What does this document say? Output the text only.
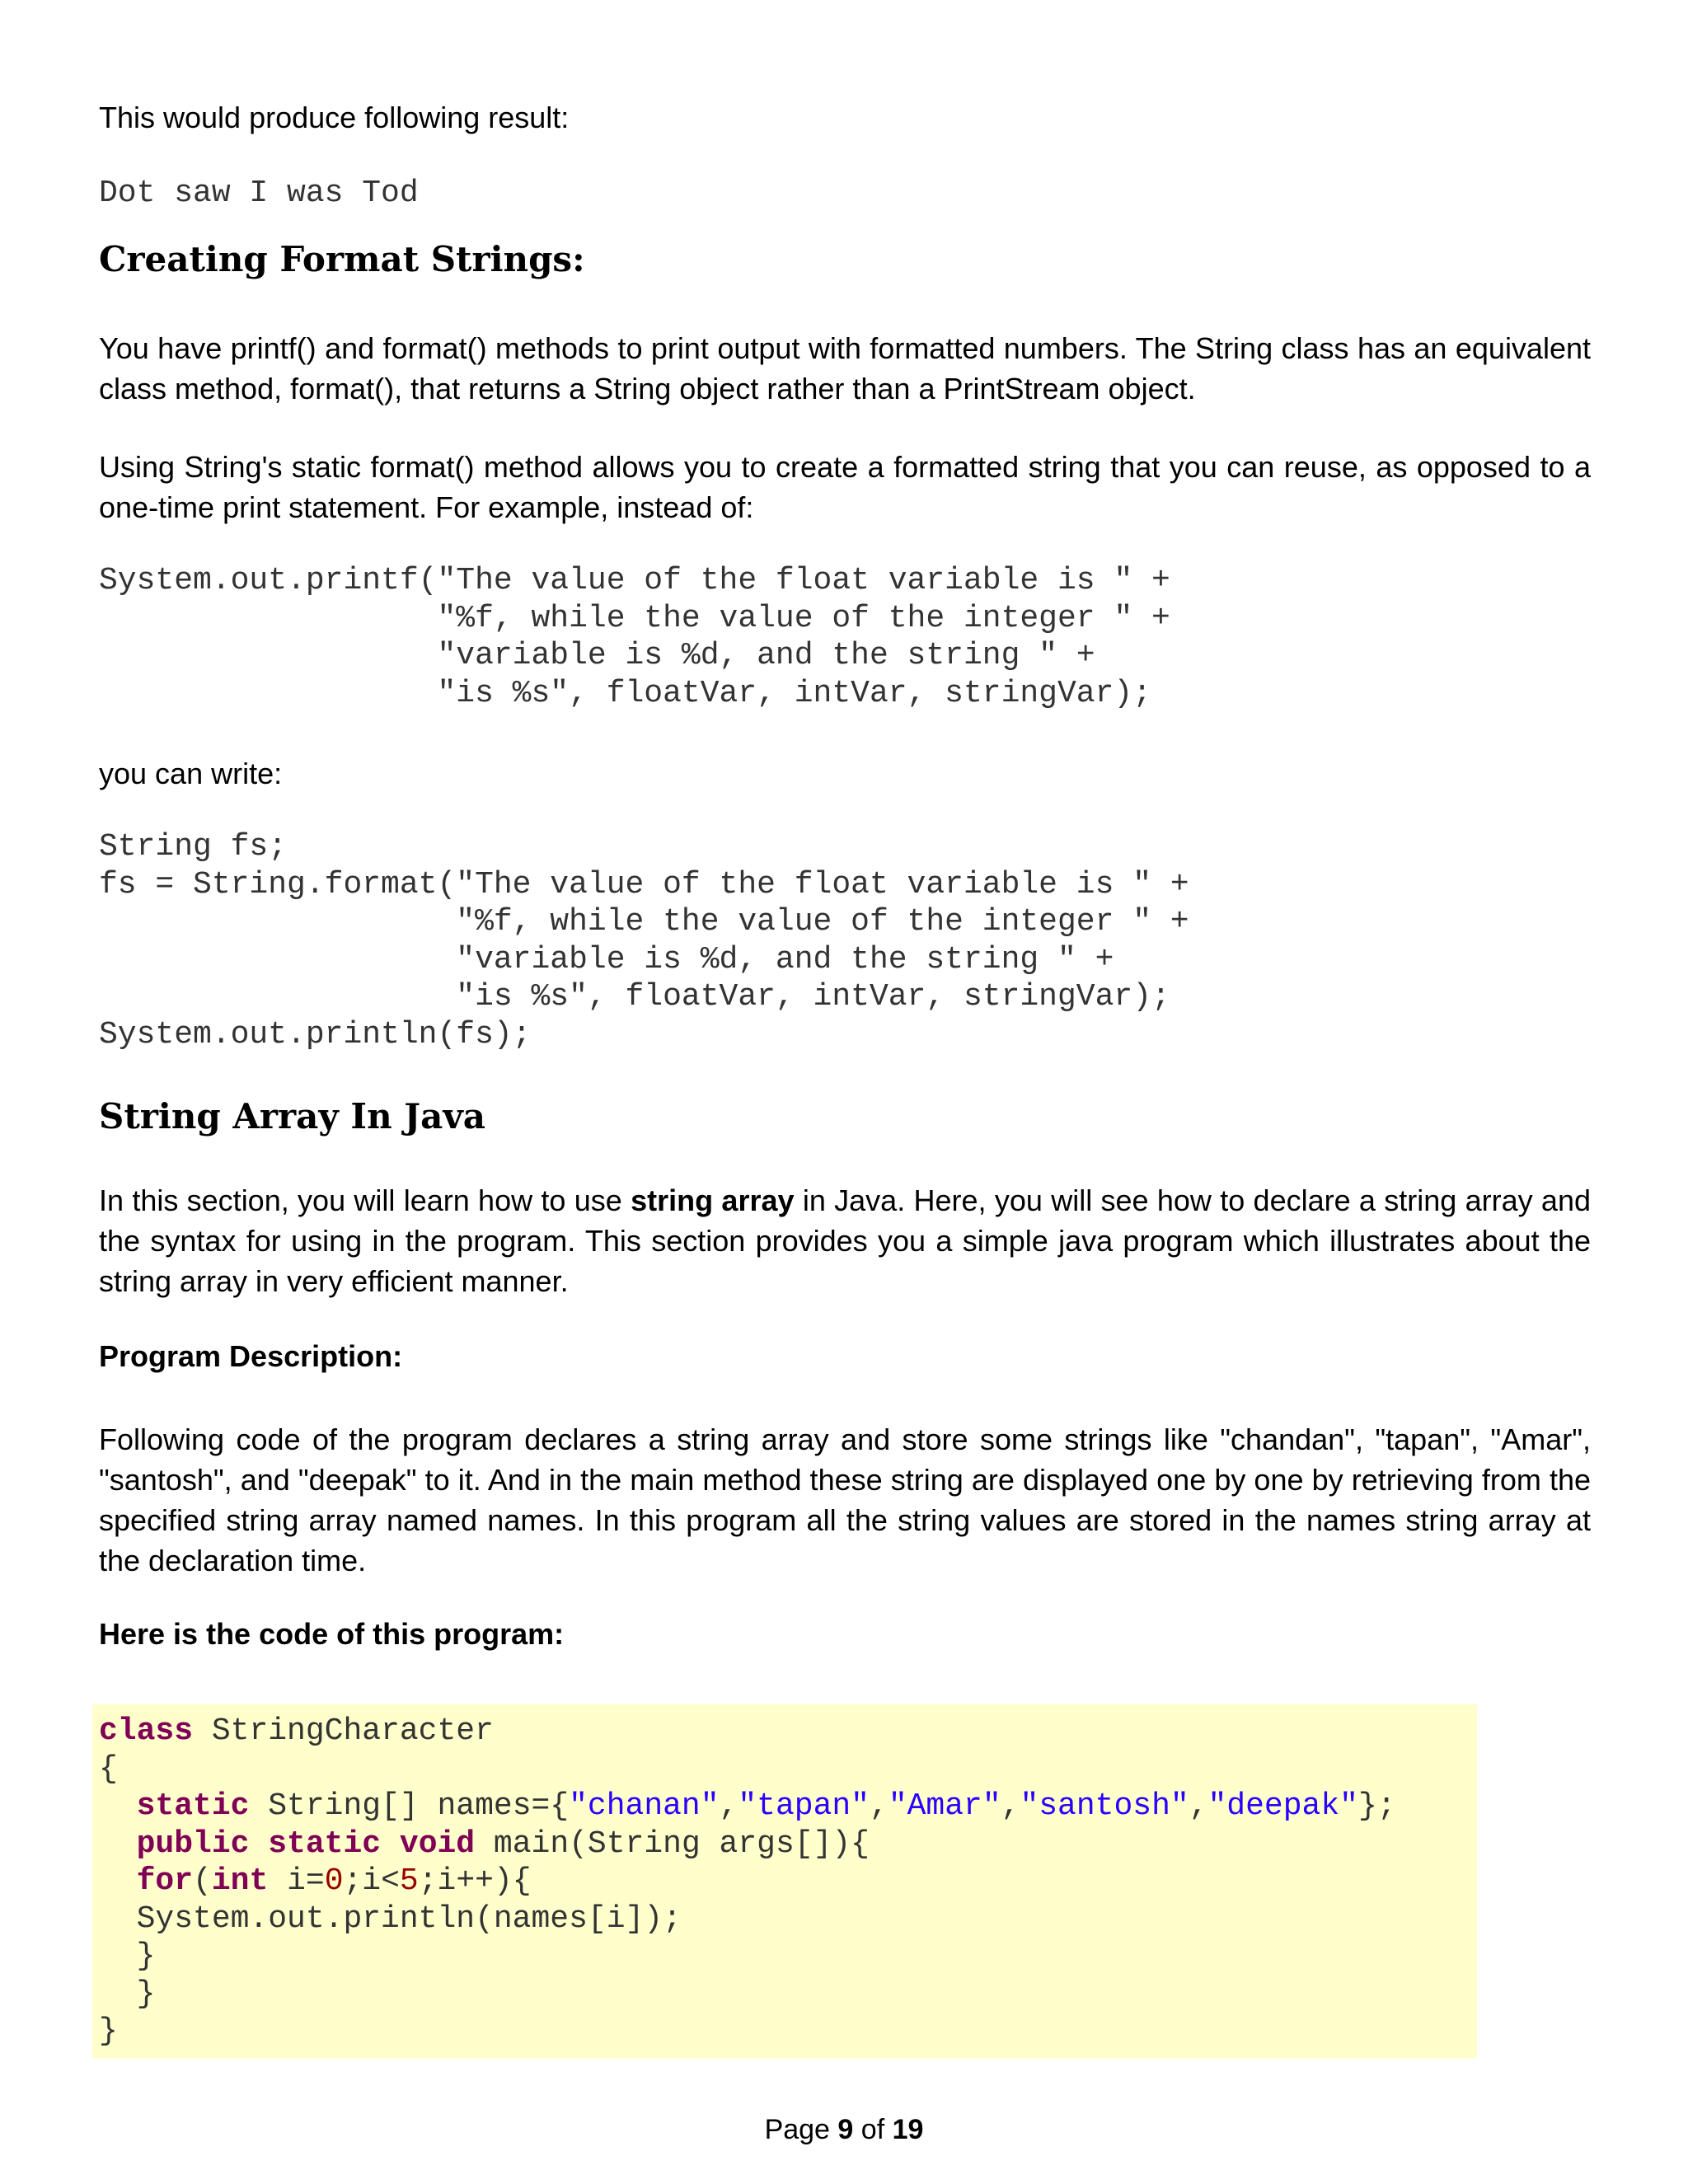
This would produce following result:

Dot saw I was Tod
Creating Format Strings:

You have printf() and format() methods to print output with formatted numbers. The String class has an equivalent class method, format(), that returns a String object rather than a PrintStream object.

Using String's static format() method allows you to create a formatted string that you can reuse, as opposed to a one-time print statement. For example, instead of:

System.out.printf("The value of the float variable is " +
"%f, while the value of the integer " +
"variable is %d, and the string " +
"is %s", floatVar, intVar, stringVar);

you can write:

String fs;
fs = String.format("The value of the float variable is " +
"%f, while the value of the integer " +
"variable is %d, and the string " +
"is %s", floatVar, intVar, stringVar);
System.out.println(fs);
String Array In Java

In this section, you will learn how to use string array in Java. Here, you will see how to declare a string array and the syntax for using in the program. This section provides you a simple java program which illustrates about the string array in very efficient manner.

Program Description:

Following code of the program declares a string array and store some strings like "chandan", "tapan", "Amar", "santosh", and "deepak" to it. And in the main method these string are displayed one by one by retrieving from the specified string array named names. In this program all the string values are stored in the names string array at the declaration time.

Here is the code of this program:

class StringCharacter
{
static String[] names={"chanan","tapan","Amar","santosh","deepak"};
public static void main(String args[]){
for(int i=0;i<5;i++){
System.out.println(names[i]);
}
}
}
Page 9 of 19
